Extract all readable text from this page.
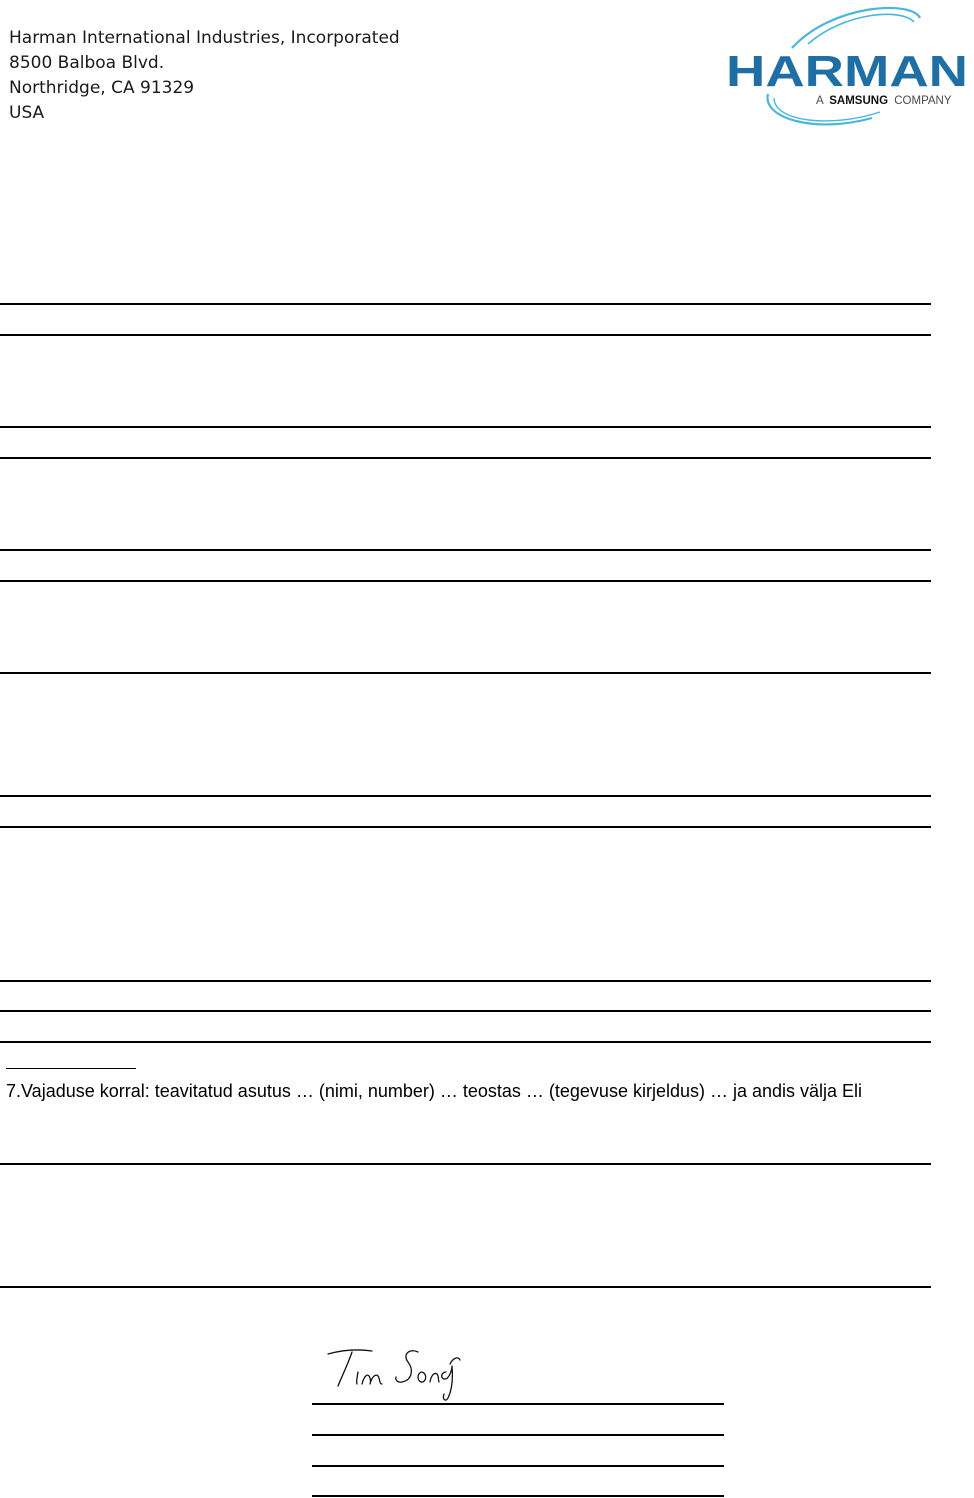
Harman International Industries, Incorporated
8500 Balboa Blvd.
Northridge, CA 91329
USA
HARMAN
A SAMSUNG COMPANY
7.Vajaduse korral: teavitatud asutus … (nimi, number) … teostas … (tegevuse kirjeldus) … ja andis välja Eli
